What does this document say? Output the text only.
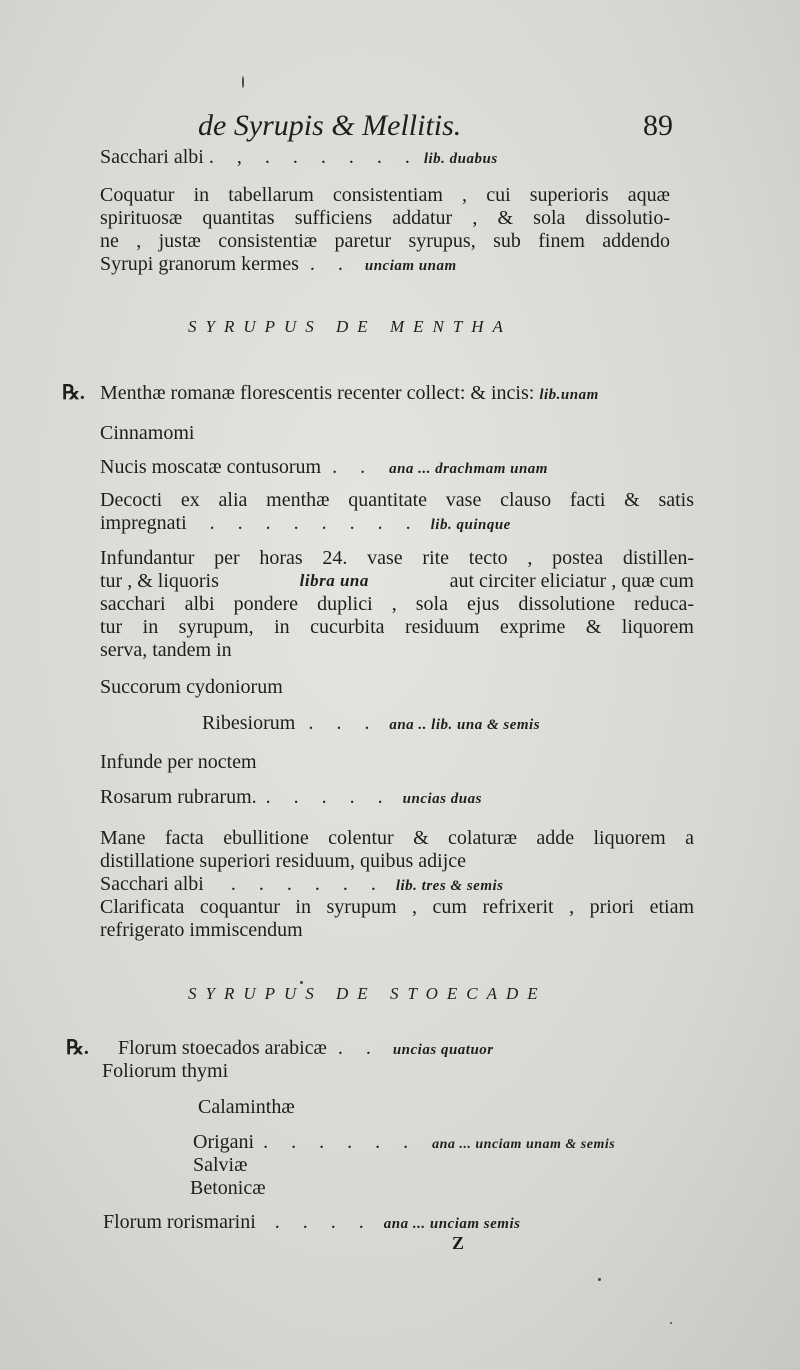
de Syrupis & Mellitis.	89
Sacchari albi . , . . . . . . lib. duabus
Coquatur in tabellarum consistentiam , cui superioris aquæ
spirituosæ quantitas sufficiens addatur , & sola dissolutio-
ne , justæ consistentiæ paretur syrupus, sub finem addendo
Syrupi granorum kermes . . unciam unam
SYRUPUS DE MENTHA
℞. Menthæ romanæ florescentis recenter collect: & incis: lib.unam
Cinnamomi
Nucis moscatæ contusorum . . ana ... drachmam unam
Decocti ex alia menthæ quantitate vase clauso facti & satis
impregnati . . . . . . . . lib. quinque
Infundantur per horas 24. vase rite tecto , postea distillen-
tur , & liquoris	libra una	aut circiter eliciatur , quæ cum
sacchari albi pondere duplici , sola ejus dissolutione reduca-
tur in syrupum, in cucurbita residuum exprime & liquorem
serva, tandem in
Succorum cydoniorum
Ribesiorum . . . ana .. lib. una & semis
Infunde per noctem
Rosarum rubrarum. . . . . . uncias duas
Mane facta ebullitione colentur & colaturæ adde liquorem a
distillatione superiori residuum, quibus adijce
Sacchari albi . . . . . . lib. tres & semis
Clarificata coquantur in syrupum , cum refrixerit , priori etiam
refrigerato immiscendum
SYRUPUS DE STOECADE
℞. Florum stoecados arabicæ . . uncias quatuor
Foliorum thymi
Calaminthæ
Origani . . . . . . ana ... unciam unam & semis
Salviæ
Betonicæ
Florum rorismarini . . . . ana ... unciam semis
Z
